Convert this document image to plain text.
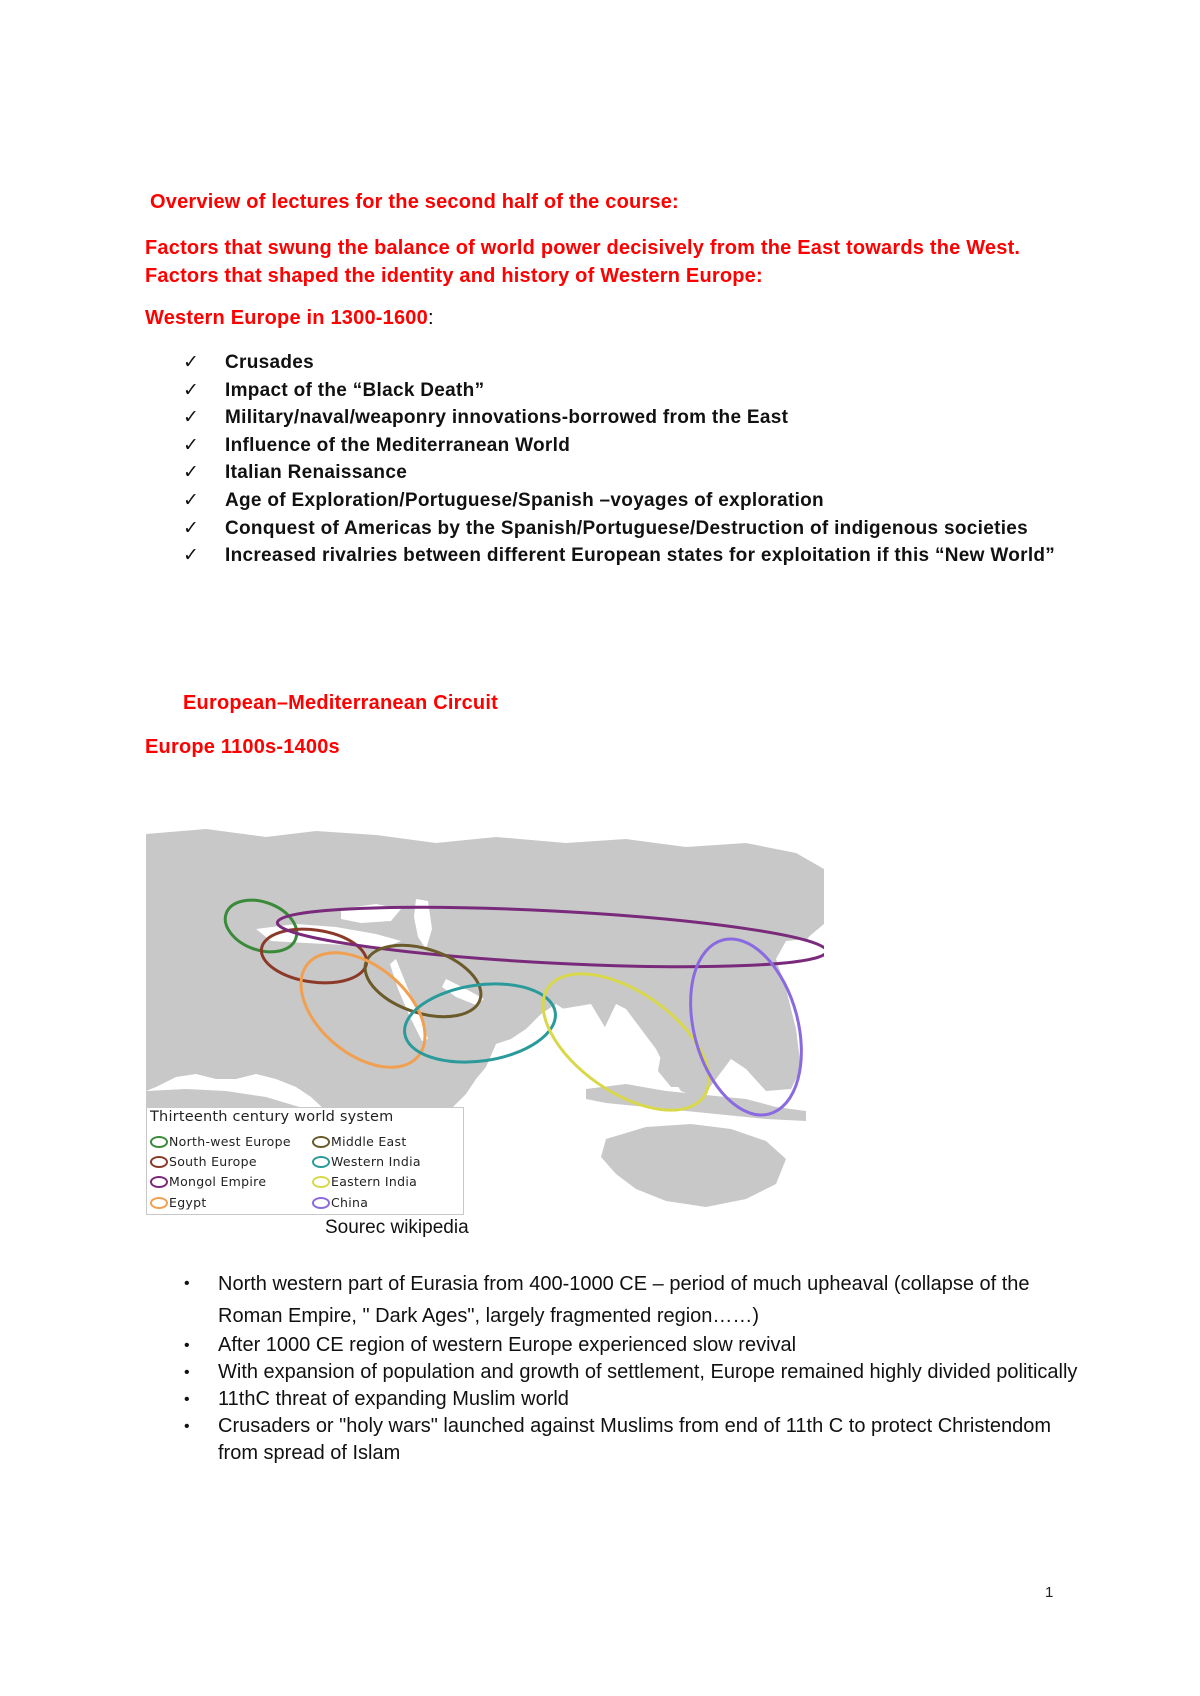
Overview of lectures for the second half of the course:
Factors that swung the balance of world power decisively from the East towards the West. Factors that shaped the identity and history of Western Europe:
Western Europe in 1300-1600:
✓ Crusades
✓ Impact of the “Black Death”
✓ Military/naval/weaponry innovations-borrowed from the East
✓ Influence of the Mediterranean World
✓ Italian Renaissance
✓ Age of Exploration/Portuguese/Spanish –voyages of exploration
✓ Conquest of Americas by the Spanish/Portuguese/Destruction of indigenous societies
✓ Increased rivalries between different European states for exploitation if this “New World”
European–Mediterranean Circuit
Europe 1100s-1400s
Thirteenth century world system
North-west Europe	Middle East
South Europe	Western India
Mongol Empire	Eastern India
Egypt	China
Sourec wikipedia
• North western part of Eurasia from 400-1000 CE – period of much upheaval (collapse of the Roman Empire, " Dark Ages", largely fragmented region……)
• After 1000 CE region of western Europe experienced slow revival
• With expansion of population and growth of settlement, Europe remained highly divided politically
• 11thC threat of expanding Muslim world
• Crusaders or "holy wars" launched against Muslims from end of 11th C to protect Christendom from spread of Islam
1
